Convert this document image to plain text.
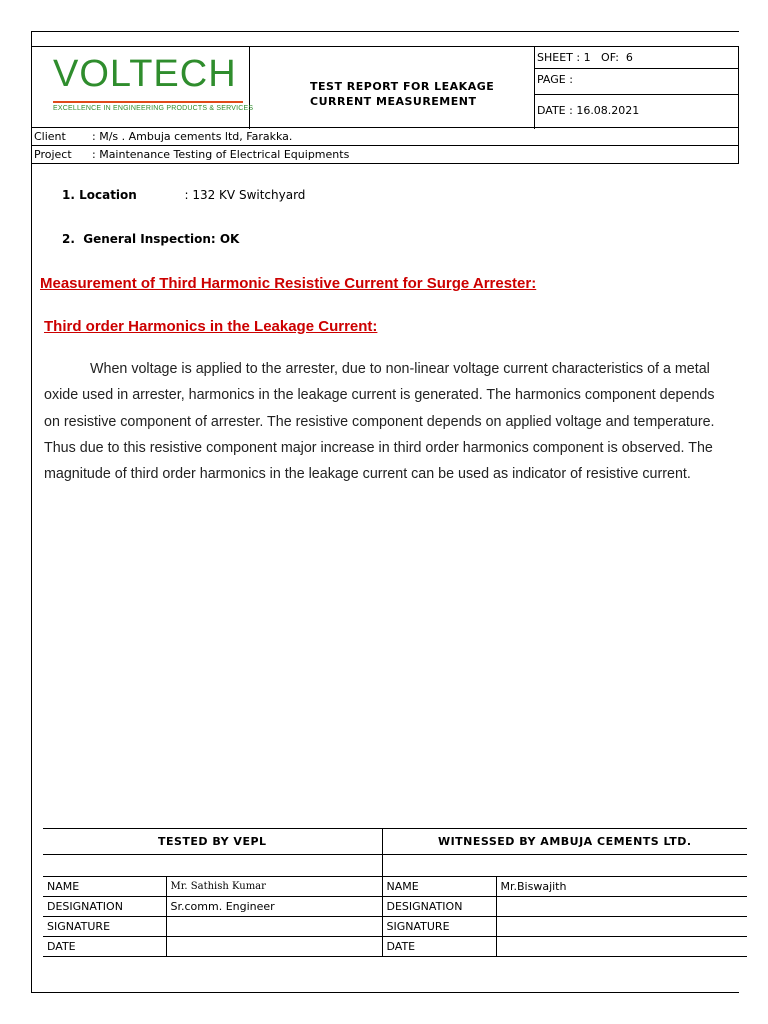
VOLTECH
EXCELLENCE IN ENGINEERING PRODUCTS & SERVICES
TEST REPORT FOR LEAKAGE
CURRENT MEASUREMENT
SHEET : 1   OF:  6
PAGE :
DATE : 16.08.2021
Client : M/s . Ambuja cements ltd, Farakka.
Project : Maintenance Testing of Electrical Equipments
1. Location	: 132 KV Switchyard
2.  General Inspection: OK
Measurement of Third Harmonic Resistive Current for Surge Arrester:
Third order Harmonics in the Leakage Current:
When voltage is applied to the arrester, due to non-linear voltage current characteristics of a metal oxide used in arrester, harmonics in the leakage current is generated. The harmonics component depends on resistive component of arrester. The resistive component depends on applied voltage and temperature. Thus due to this resistive component major increase in third order harmonics component is observed. The magnitude of third order harmonics in the leakage current can be used as indicator of resistive current.
TESTED BY VEPL		WITNESSED BY AMBUJA CEMENTS LTD.	

NAME	Mr. Sathish Kumar	NAME	Mr.Biswajith
DESIGNATION	Sr.comm. Engineer	DESIGNATION	
SIGNATURE		SIGNATURE	
DATE		DATE	
